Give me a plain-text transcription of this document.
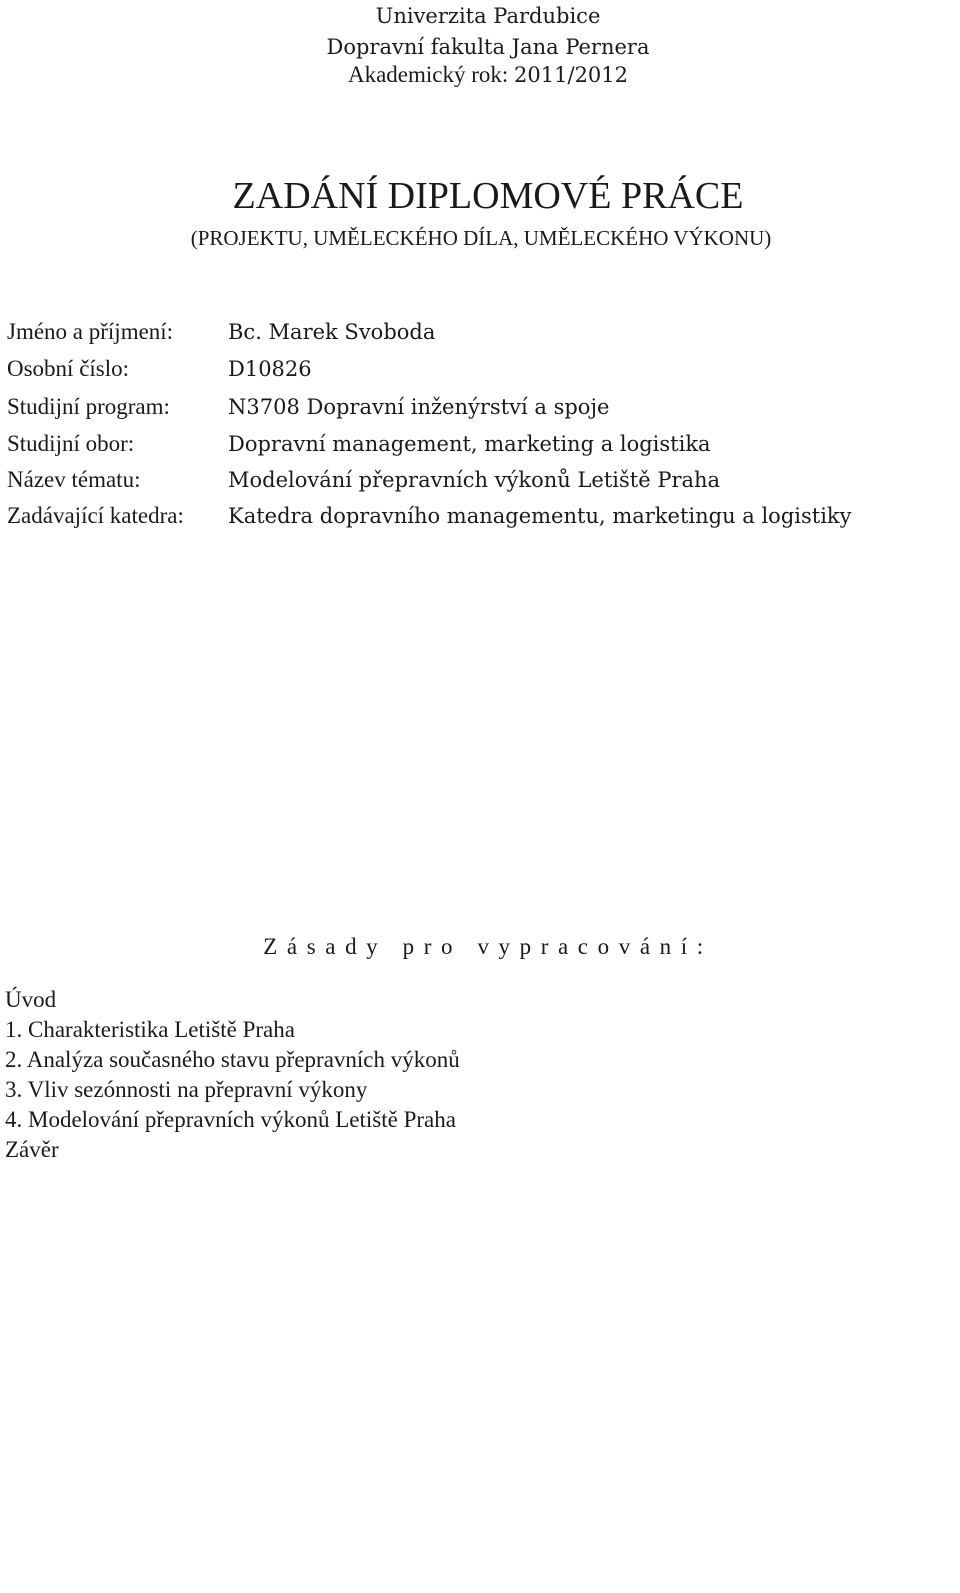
Univerzita Pardubice
Dopravní fakulta Jana Pernera
Akademický rok: 2011/2012
ZADÁNÍ DIPLOMOVÉ PRÁCE
(PROJEKTU, UMĚLECKÉHO DÍLA, UMĚLECKÉHO VÝKONU)
Jméno a příjmení:	Bc. Marek Svoboda
Osobní číslo:	D10826
Studijní program:	N3708 Dopravní inženýrství a spoje
Studijní obor:	Dopravní management, marketing a logistika
Název tématu:	Modelování přepravních výkonů Letiště Praha
Zadávající katedra: Katedra dopravního managementu, marketingu a logistiky
Zásady pro vypracování:
Úvod
1. Charakteristika Letiště Praha
2. Analýza současného stavu přepravních výkonů
3. Vliv sezónnosti na přepravní výkony
4. Modelování přepravních výkonů Letiště Praha
Závěr
